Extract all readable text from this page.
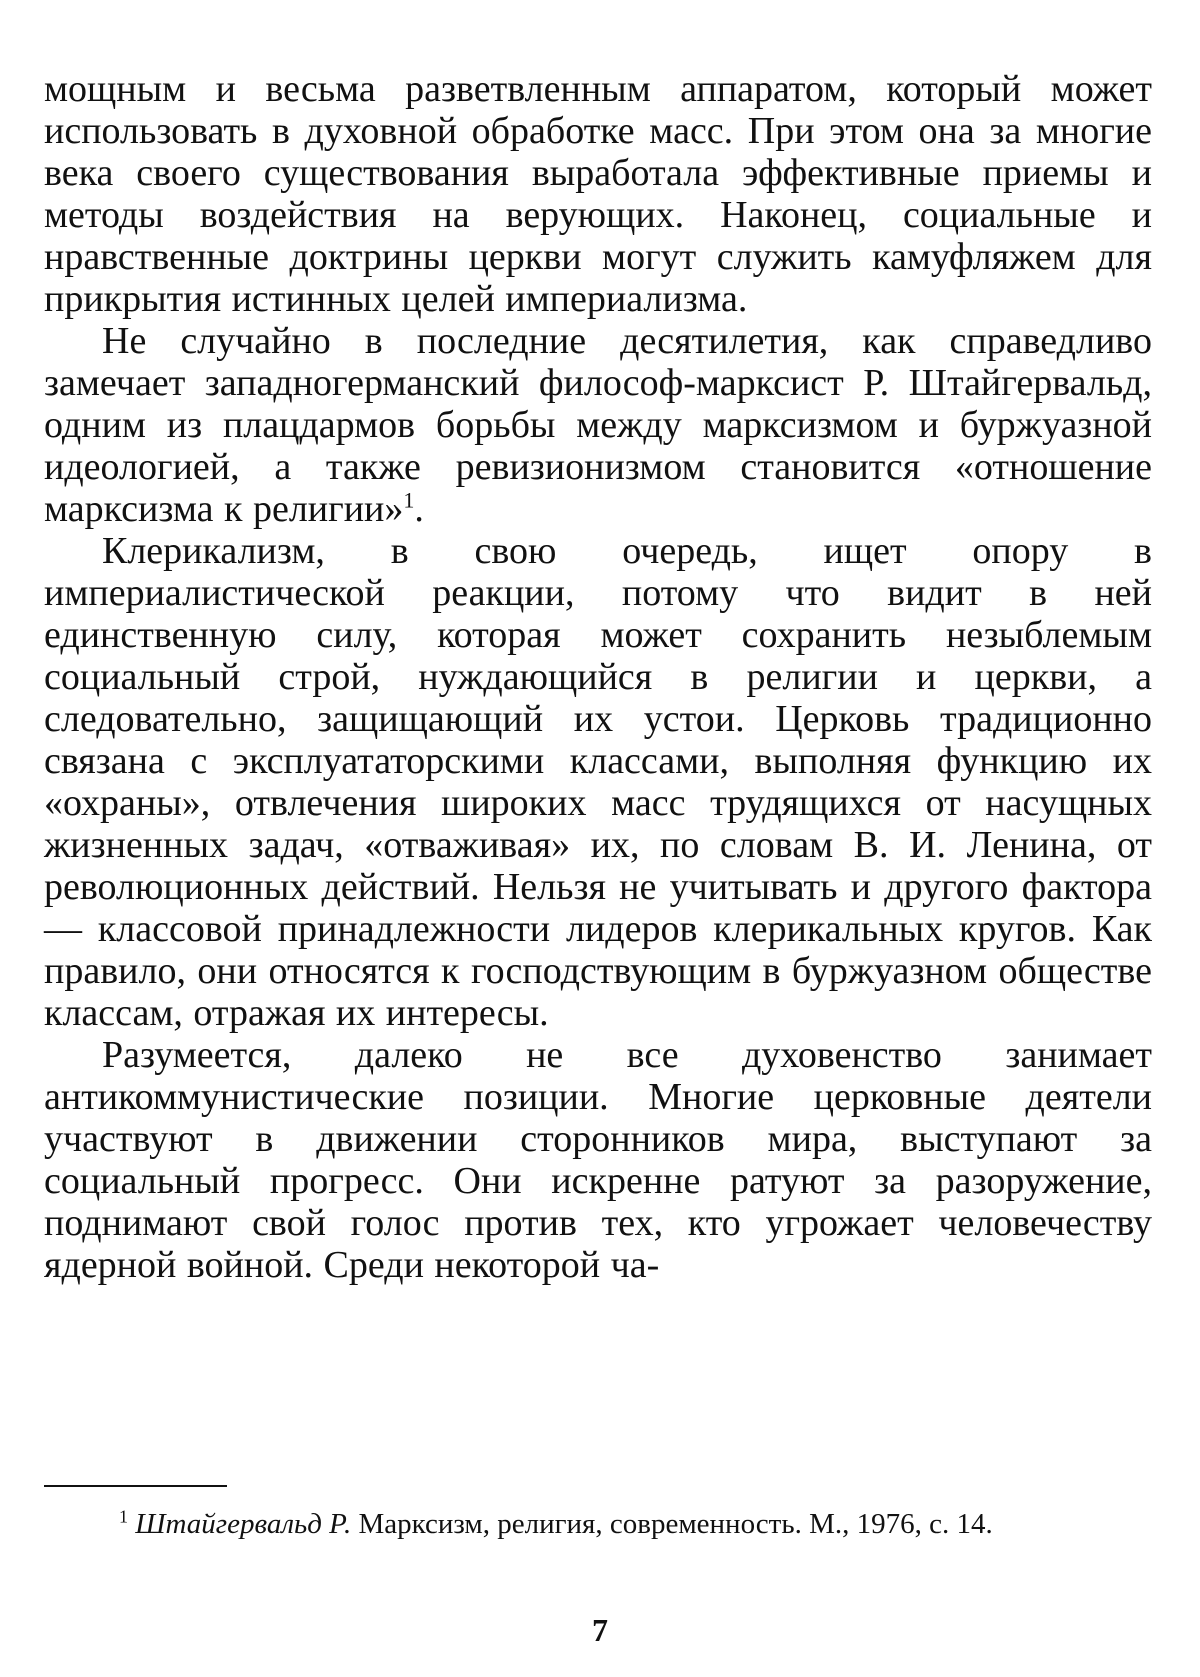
мощным и весьма разветвленным аппаратом, который может использовать в духовной обработке масс. При этом она за многие века своего существования выработала эффективные приемы и методы воздействия на верующих. Наконец, социальные и нравственные доктрины церкви могут служить камуфляжем для прикрытия истинных целей империализма.

Не случайно в последние десятилетия, как справедливо замечает западногерманский философ-марксист Р. Штайгервальд, одним из плацдармов борьбы между марксизмом и буржуазной идеологией, а также ревизионизмом становится «отношение марксизма к религии»$^1$.

Клерикализм, в свою очередь, ищет опору в империалистической реакции, потому что видит в ней единственную силу, которая может сохранить незыблемым социальный строй, нуждающийся в религии и церкви, а следовательно, защищающий их устои. Церковь традиционно связана с эксплуататорскими классами, выполняя функцию их «охраны», отвлечения широких масс трудящихся от насущных жизненных задач, «отваживая» их, по словам В. И. Ленина, от революционных действий. Нельзя не учитывать и другого фактора — классовой принадлежности лидеров клерикальных кругов. Как правило, они относятся к господствующим в буржуазном обществе классам, отражая их интересы.

Разумеется, далеко не все духовенство занимает антикоммунистические позиции. Многие церковные деятели участвуют в движении сторонников мира, выступают за социальный прогресс. Они искренне ратуют за разоружение, поднимают свой голос против тех, кто угрожает человечеству ядерной войной. Среди некоторой ча-

$^1$ Штайгервальд Р. Марксизм, религия, современность. М., 1976, с. 14.

7
